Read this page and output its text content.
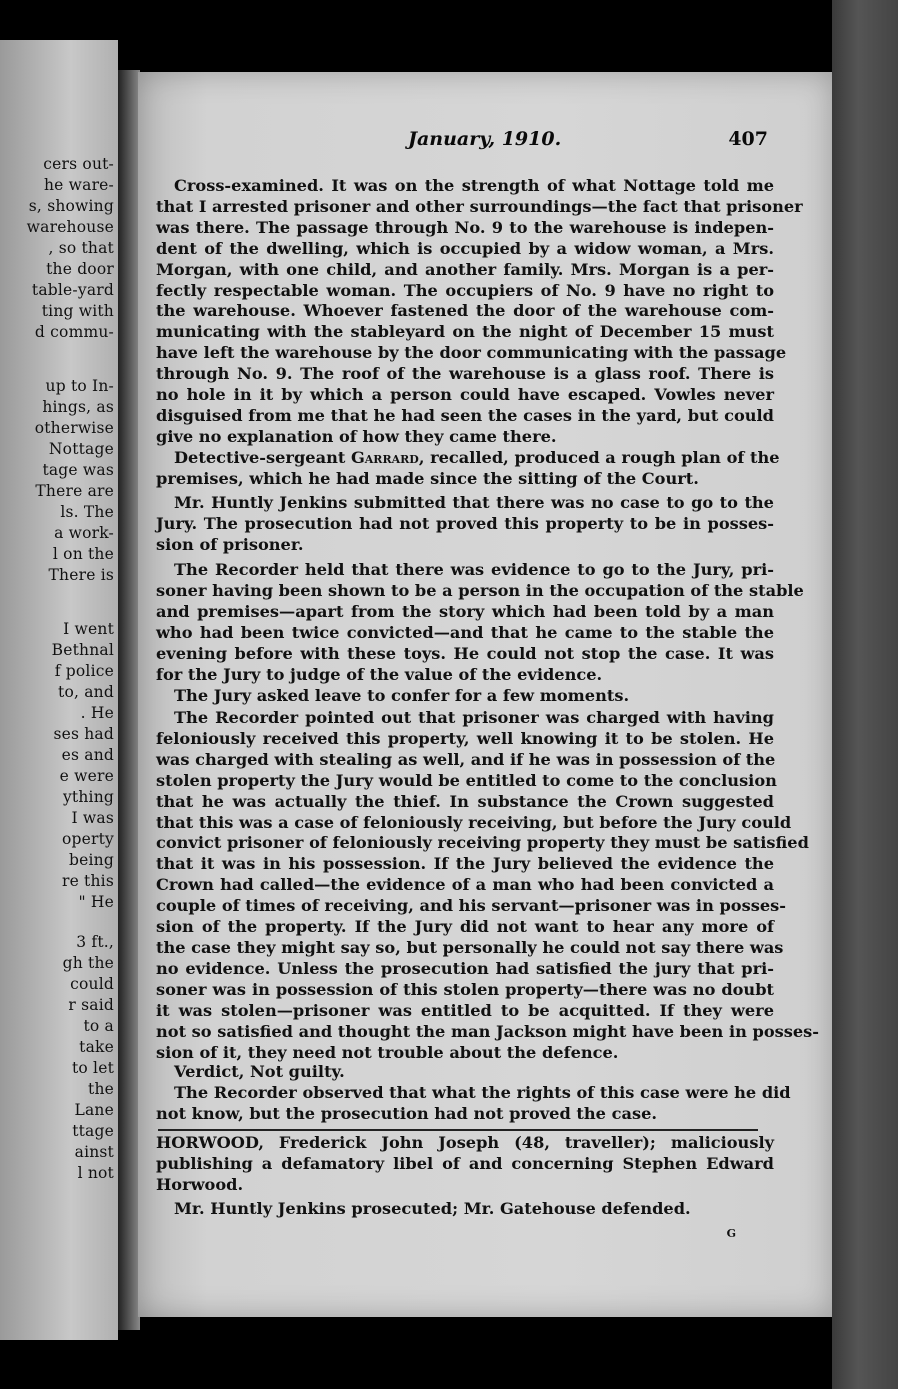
cers out-
he ware-
s, showing
warehouse
, so that
the door
table-yard
ting with
d commu-
up to In-
hings, as
otherwise
Nottage
tage was
There are
ls. The
a work-
l on the
There is
I went
Bethnal
f police
to, and
. He
ses had
es and
e were
ything
I was
operty
being
re this
" He
3 ft.,
gh the
could
r said
to a
take
to let
the
Lane
ttage
ainst
l not
January, 1910.	407
Cross-examined. It was on the strength of what Nottage told me
that I arrested prisoner and other surroundings—the fact that prisoner
was there. The passage through No. 9 to the warehouse is indepen-
dent of the dwelling, which is occupied by a widow woman, a Mrs.
Morgan, with one child, and another family. Mrs. Morgan is a per-
fectly respectable woman. The occupiers of No. 9 have no right to
the warehouse. Whoever fastened the door of the warehouse com-
municating with the stableyard on the night of December 15 must
have left the warehouse by the door communicating with the passage
through No. 9. The roof of the warehouse is a glass roof. There is
no hole in it by which a person could have escaped. Vowles never
disguised from me that he had seen the cases in the yard, but could
give no explanation of how they came there.
Detective-sergeant Garrard, recalled, produced a rough plan of the
premises, which he had made since the sitting of the Court.
Mr. Huntly Jenkins submitted that there was no case to go to the
Jury. The prosecution had not proved this property to be in posses-
sion of prisoner.
The Recorder held that there was evidence to go to the Jury, pri-
soner having been shown to be a person in the occupation of the stable
and premises—apart from the story which had been told by a man
who had been twice convicted—and that he came to the stable the
evening before with these toys. He could not stop the case. It was
for the Jury to judge of the value of the evidence.
The Jury asked leave to confer for a few moments.
The Recorder pointed out that prisoner was charged with having
feloniously received this property, well knowing it to be stolen. He
was charged with stealing as well, and if he was in possession of the
stolen property the Jury would be entitled to come to the conclusion
that he was actually the thief. In substance the Crown suggested
that this was a case of feloniously receiving, but before the Jury could
convict prisoner of feloniously receiving property they must be satisfied
that it was in his possession. If the Jury believed the evidence the
Crown had called—the evidence of a man who had been convicted a
couple of times of receiving, and his servant—prisoner was in posses-
sion of the property. If the Jury did not want to hear any more of
the case they might say so, but personally he could not say there was
no evidence. Unless the prosecution had satisfied the jury that pri-
soner was in possession of this stolen property—there was no doubt
it was stolen—prisoner was entitled to be acquitted. If they were
not so satisfied and thought the man Jackson might have been in posses-
sion of it, they need not trouble about the defence.
Verdict, Not guilty.
The Recorder observed that what the rights of this case were he did
not know, but the prosecution had not proved the case.
HORWOOD, Frederick John Joseph (48, traveller); maliciously
publishing a defamatory libel of and concerning Stephen Edward
Horwood.
Mr. Huntly Jenkins prosecuted; Mr. Gatehouse defended.
G
